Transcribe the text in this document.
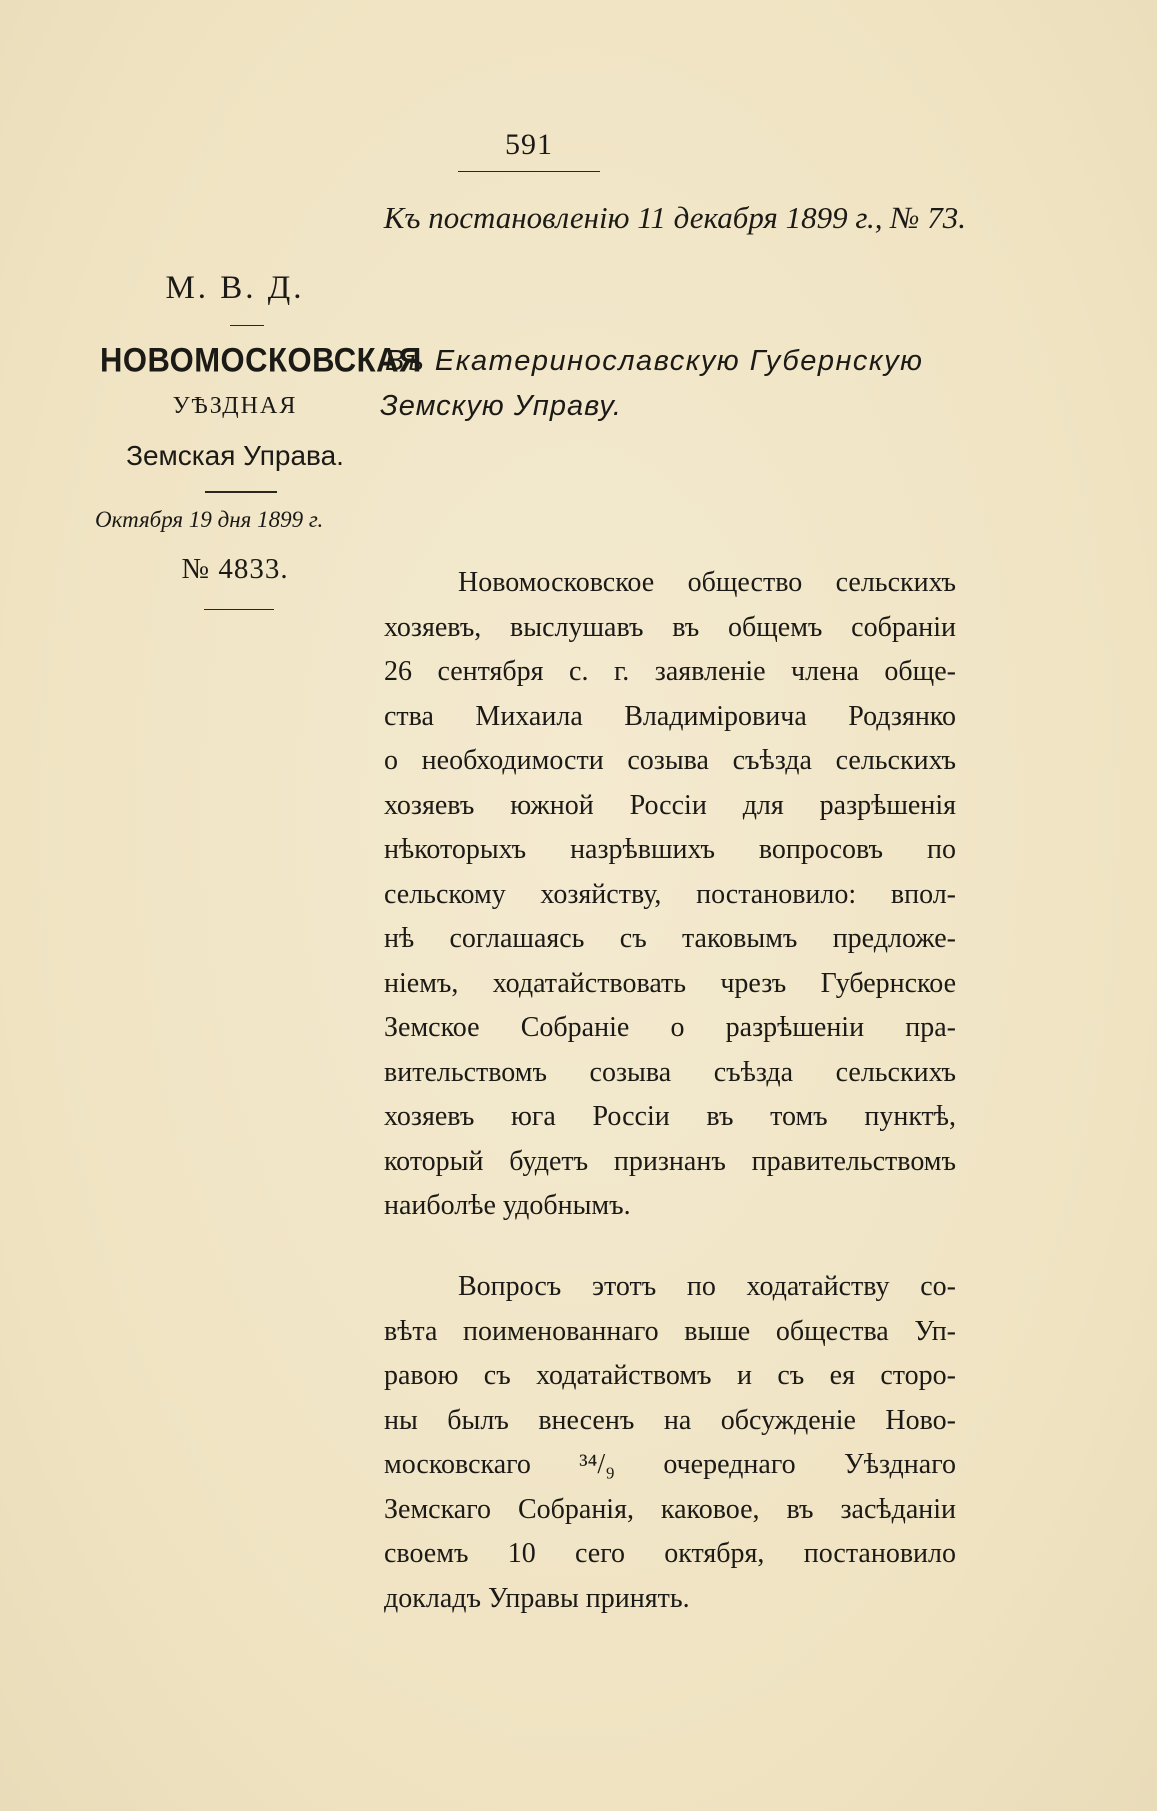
591
Къ постановленію 11 декабря 1899 г., № 73.
М. В. Д.
НОВОМОСКОВСКАЯ
УѢЗДНАЯ
Земская Управа.
Октября 19 дня 1899 г.
№ 4833.
Въ Екатеринославскую Губернскую
Земскую Управу.
Новомосковское общество сельскихъ
хозяевъ, выслушавъ въ общемъ собраніи
26 сентября с. г. заявленіе члена обще-
ства Михаила Владиміровича Родзянко
о необходимости созыва съѣзда сельскихъ
хозяевъ южной Россіи для разрѣшенія
нѣкоторыхъ назрѣвшихъ вопросовъ по
сельскому хозяйству, постановило: впол-
нѣ соглашаясь съ таковымъ предложе-
ніемъ, ходатайствовать чрезъ Губернское
Земское Собраніе о разрѣшеніи пра-
вительствомъ созыва съѣзда сельскихъ
хозяевъ юга Россіи въ томъ пунктѣ,
который будетъ признанъ правительствомъ
наиболѣе удобнымъ.
Вопросъ этотъ по ходатайству со-
вѣта поименованнаго выше общества Уп-
равою съ ходатайствомъ и съ ея сторо-
ны былъ внесенъ на обсужденіе Ново-
московскаго ³⁴/₉ очереднаго Уѣзднаго
Земскаго Собранія, каковое, въ засѣданіи
своемъ 10 сего октября, постановило
докладъ Управы принять.
